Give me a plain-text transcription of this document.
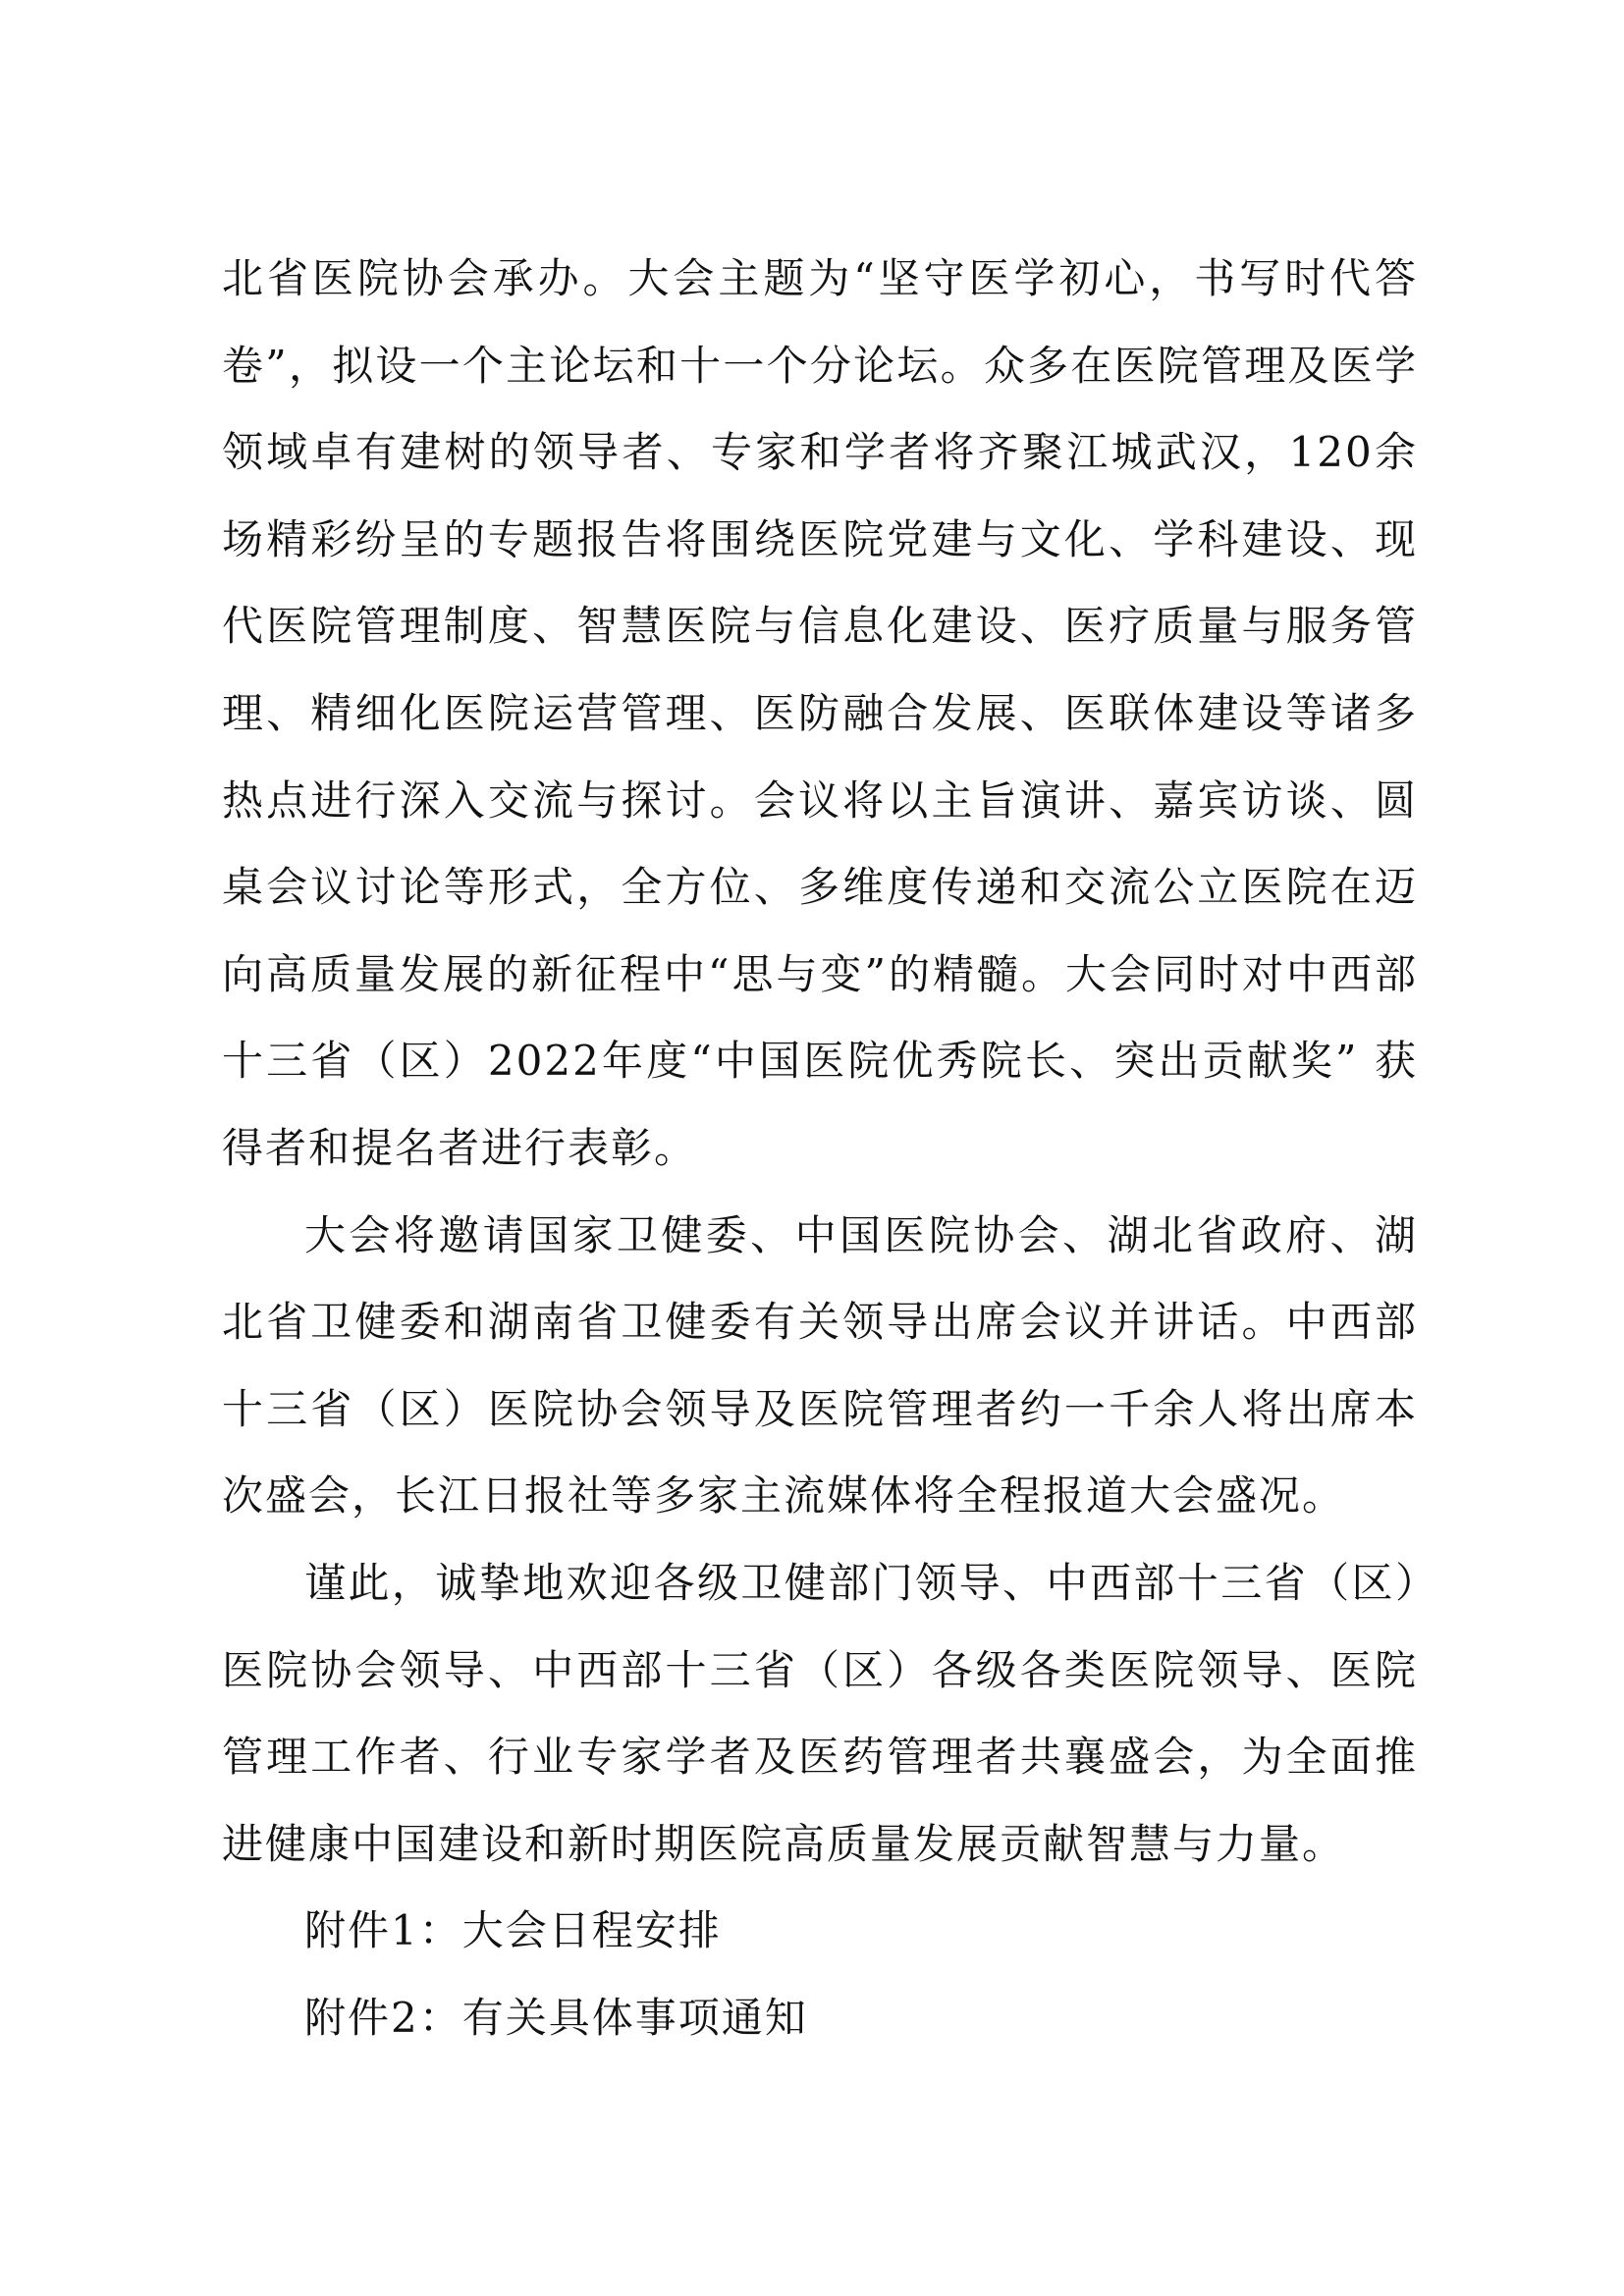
北省医院协会承办。大会主题为“坚守医学初心，书写时代答卷”，拟设一个主论坛和十一个分论坛。众多在医院管理及医学领域卓有建树的领导者、专家和学者将齐聚江城武汉，120余场精彩纷呈的专题报告将围绕医院党建与文化、学科建设、现代医院管理制度、智慧医院与信息化建设、医疗质量与服务管理、精细化医院运营管理、医防融合发展、医联体建设等诸多热点进行深入交流与探讨。会议将以主旨演讲、嘉宾访谈、圆桌会议讨论等形式，全方位、多维度传递和交流公立医院在迈向高质量发展的新征程中“思与变”的精髓。大会同时对中西部十三省（区）2022年度“中国医院优秀院长、突出贡献奖” 获得者和提名者进行表彰。

大会将邀请国家卫健委、中国医院协会、湖北省政府、湖北省卫健委和湖南省卫健委有关领导出席会议并讲话。中西部十三省（区）医院协会领导及医院管理者约一千余人将出席本次盛会，长江日报社等多家主流媒体将全程报道大会盛况。

谨此，诚挚地欢迎各级卫健部门领导、中西部十三省（区）医院协会领导、中西部十三省（区）各级各类医院领导、医院管理工作者、行业专家学者及医药管理者共襄盛会，为全面推进健康中国建设和新时期医院高质量发展贡献智慧与力量。

附件1：大会日程安排

附件2：有关具体事项通知
